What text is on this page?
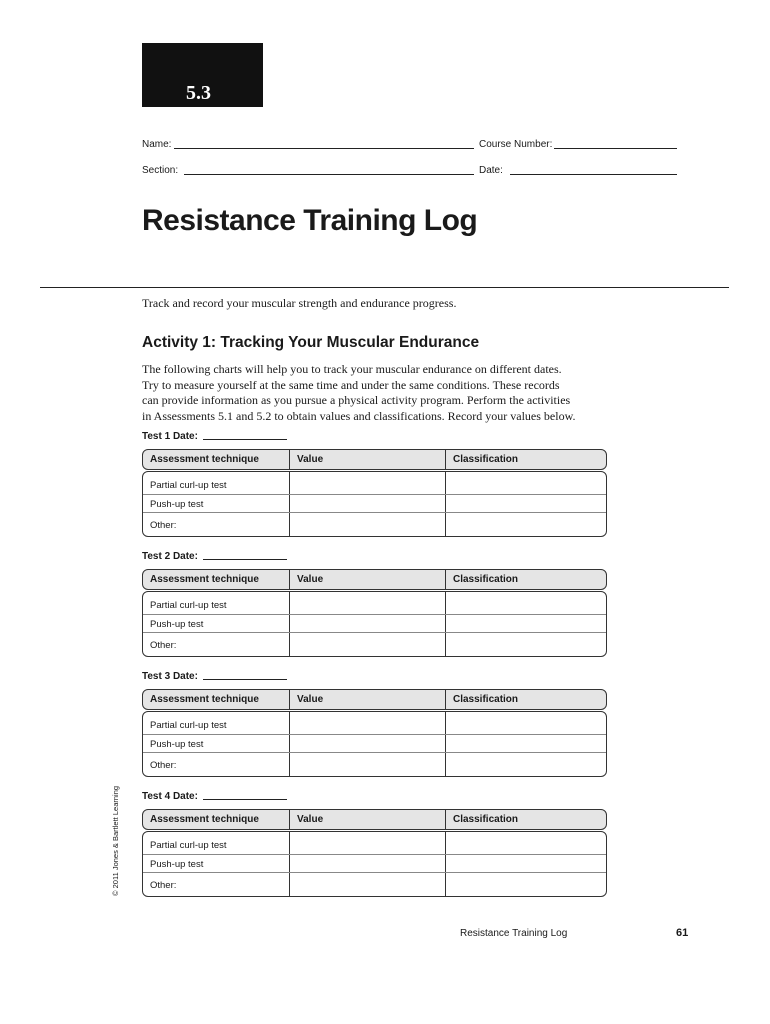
5.3
Name:	Course Number:
Section:	Date:
Resistance Training Log
Track and record your muscular strength and endurance progress.
Activity 1: Tracking Your Muscular Endurance
The following charts will help you to track your muscular endurance on different dates.
Try to measure yourself at the same time and under the same conditions. These records
can provide information as you pursue a physical activity program. Perform the activities
in Assessments 5.1 and 5.2 to obtain values and classifications. Record your values below.
Test 1 Date:
Assessment technique	Value	Classification
Partial curl-up test
Push-up test
Other:
Test 2 Date:
Assessment technique	Value	Classification
Partial curl-up test
Push-up test
Other:
Test 3 Date:
Assessment technique	Value	Classification
Partial curl-up test
Push-up test
Other:
Test 4 Date:
Assessment technique	Value	Classification
Partial curl-up test
Push-up test
Other:
© 2011 Jones & Bartlett Learning
Resistance Training Log	61
